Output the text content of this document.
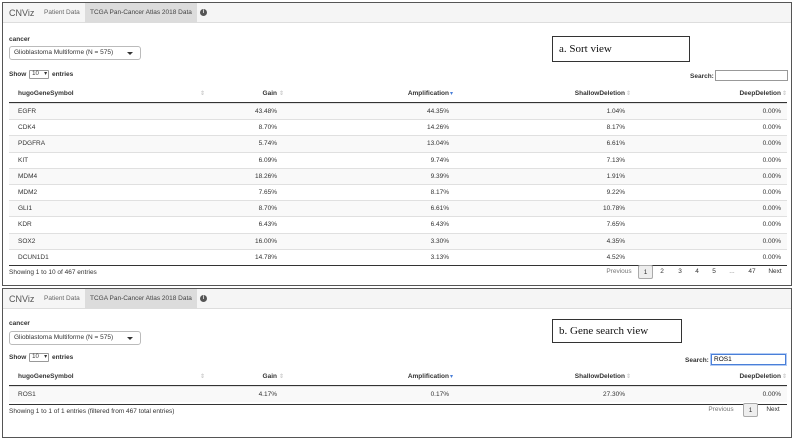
CNViz	Patient Data	TCGA Pan-Cancer Atlas 2018 Data	i
cancer
Glioblastoma Multiforme (N = 575)	a. Sort view
Show 10 ▾ entries	Search:
hugoGeneSymbol	⇕	Gain ⇕	Amplification ▾	ShallowDeletion ⇕	DeepDeletion ⇕
EGFR	43.48%	44.35%	1.04%	0.00%
CDK4	8.70%	14.26%	8.17%	0.00%
PDGFRA	5.74%	13.04%	6.61%	0.00%
KIT	6.09%	9.74%	7.13%	0.00%
MDM4	18.26%	9.39%	1.91%	0.00%
MDM2	7.65%	8.17%	9.22%	0.00%
GLI1	8.70%	6.61%	10.78%	0.00%
KDR	6.43%	6.43%	7.65%	0.00%
SOX2	16.00%	3.30%	4.35%	0.00%
DCUN1D1	14.78%	3.13%	4.52%	0.00%
Showing 1 to 10 of 467 entries	Previous	1	2	3	4	5	...	47	Next
CNViz	Patient Data	TCGA Pan-Cancer Atlas 2018 Data	i
cancer
Glioblastoma Multiforme (N = 575)
b. Gene search view
Show 10 ▾ entries	Search: ROS1
hugoGeneSymbol	⇕	Gain ⇕	Amplification ▾	ShallowDeletion ⇕	DeepDeletion ⇕
ROS1	4.17%	0.17%	27.30%	0.00%
Showing 1 to 1 of 1 entries (filtered from 467 total entries)	Previous	1	Next
